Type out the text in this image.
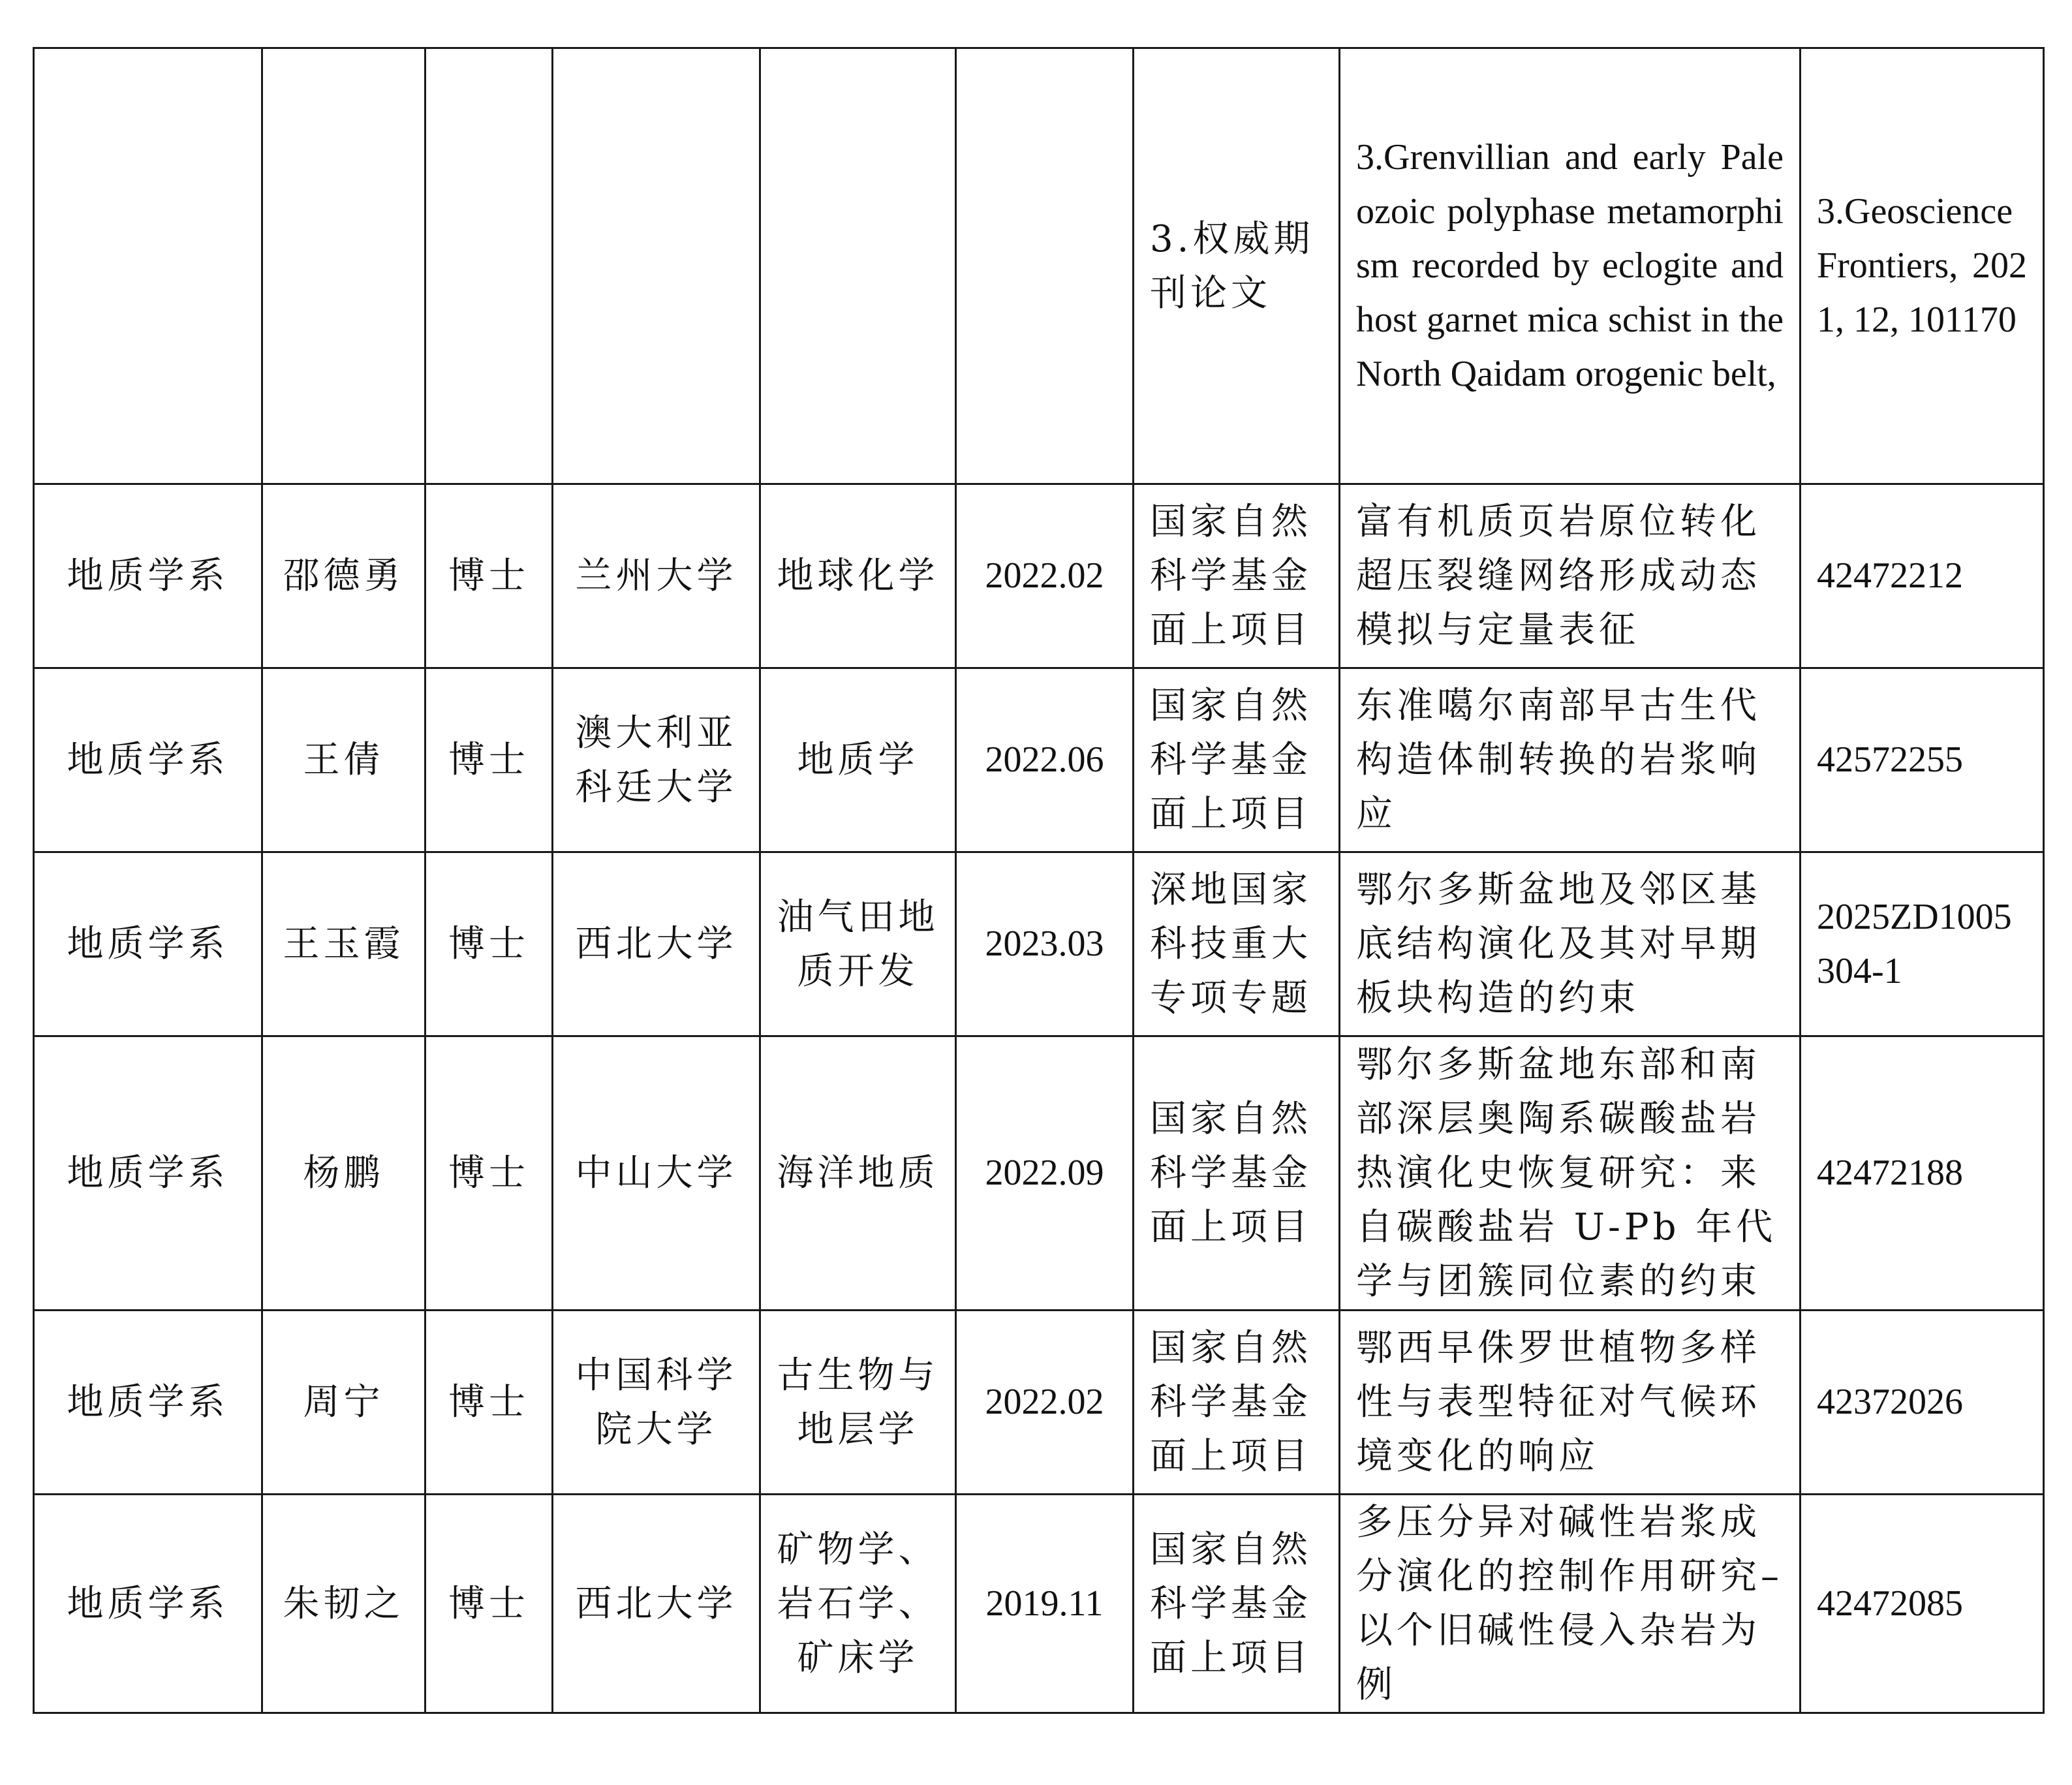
						3.权威期刊论文	3.Grenvillian and early Paleozoic polyphase metamorphism recorded by eclogite and host garnet mica schist in the North Qaidam orogenic belt,	3.Geoscience Frontiers, 2021, 12, 101170
地质学系	邵德勇	博士	兰州大学	地球化学	2022.02	国家自然科学基金面上项目	富有机质页岩原位转化超压裂缝网络形成动态模拟与定量表征	42472212
地质学系	王倩	博士	澳大利亚科廷大学	地质学	2022.06	国家自然科学基金面上项目	东准噶尔南部早古生代构造体制转换的岩浆响应	42572255
地质学系	王玉霞	博士	西北大学	油气田地质开发	2023.03	深地国家科技重大专项专题	鄂尔多斯盆地及邻区基底结构演化及其对早期板块构造的约束	2025ZD1005304-1
地质学系	杨鹏	博士	中山大学	海洋地质	2022.09	国家自然科学基金面上项目	鄂尔多斯盆地东部和南部深层奥陶系碳酸盐岩热演化史恢复研究：来自碳酸盐岩 U-Pb 年代学与团簇同位素的约束	42472188
地质学系	周宁	博士	中国科学院大学	古生物与地层学	2022.02	国家自然科学基金面上项目	鄂西早侏罗世植物多样性与表型特征对气候环境变化的响应	42372026
地质学系	朱韧之	博士	西北大学	矿物学、岩石学、矿床学	2019.11	国家自然科学基金面上项目	多压分异对碱性岩浆成分演化的控制作用研究–以个旧碱性侵入杂岩为例	42472085
